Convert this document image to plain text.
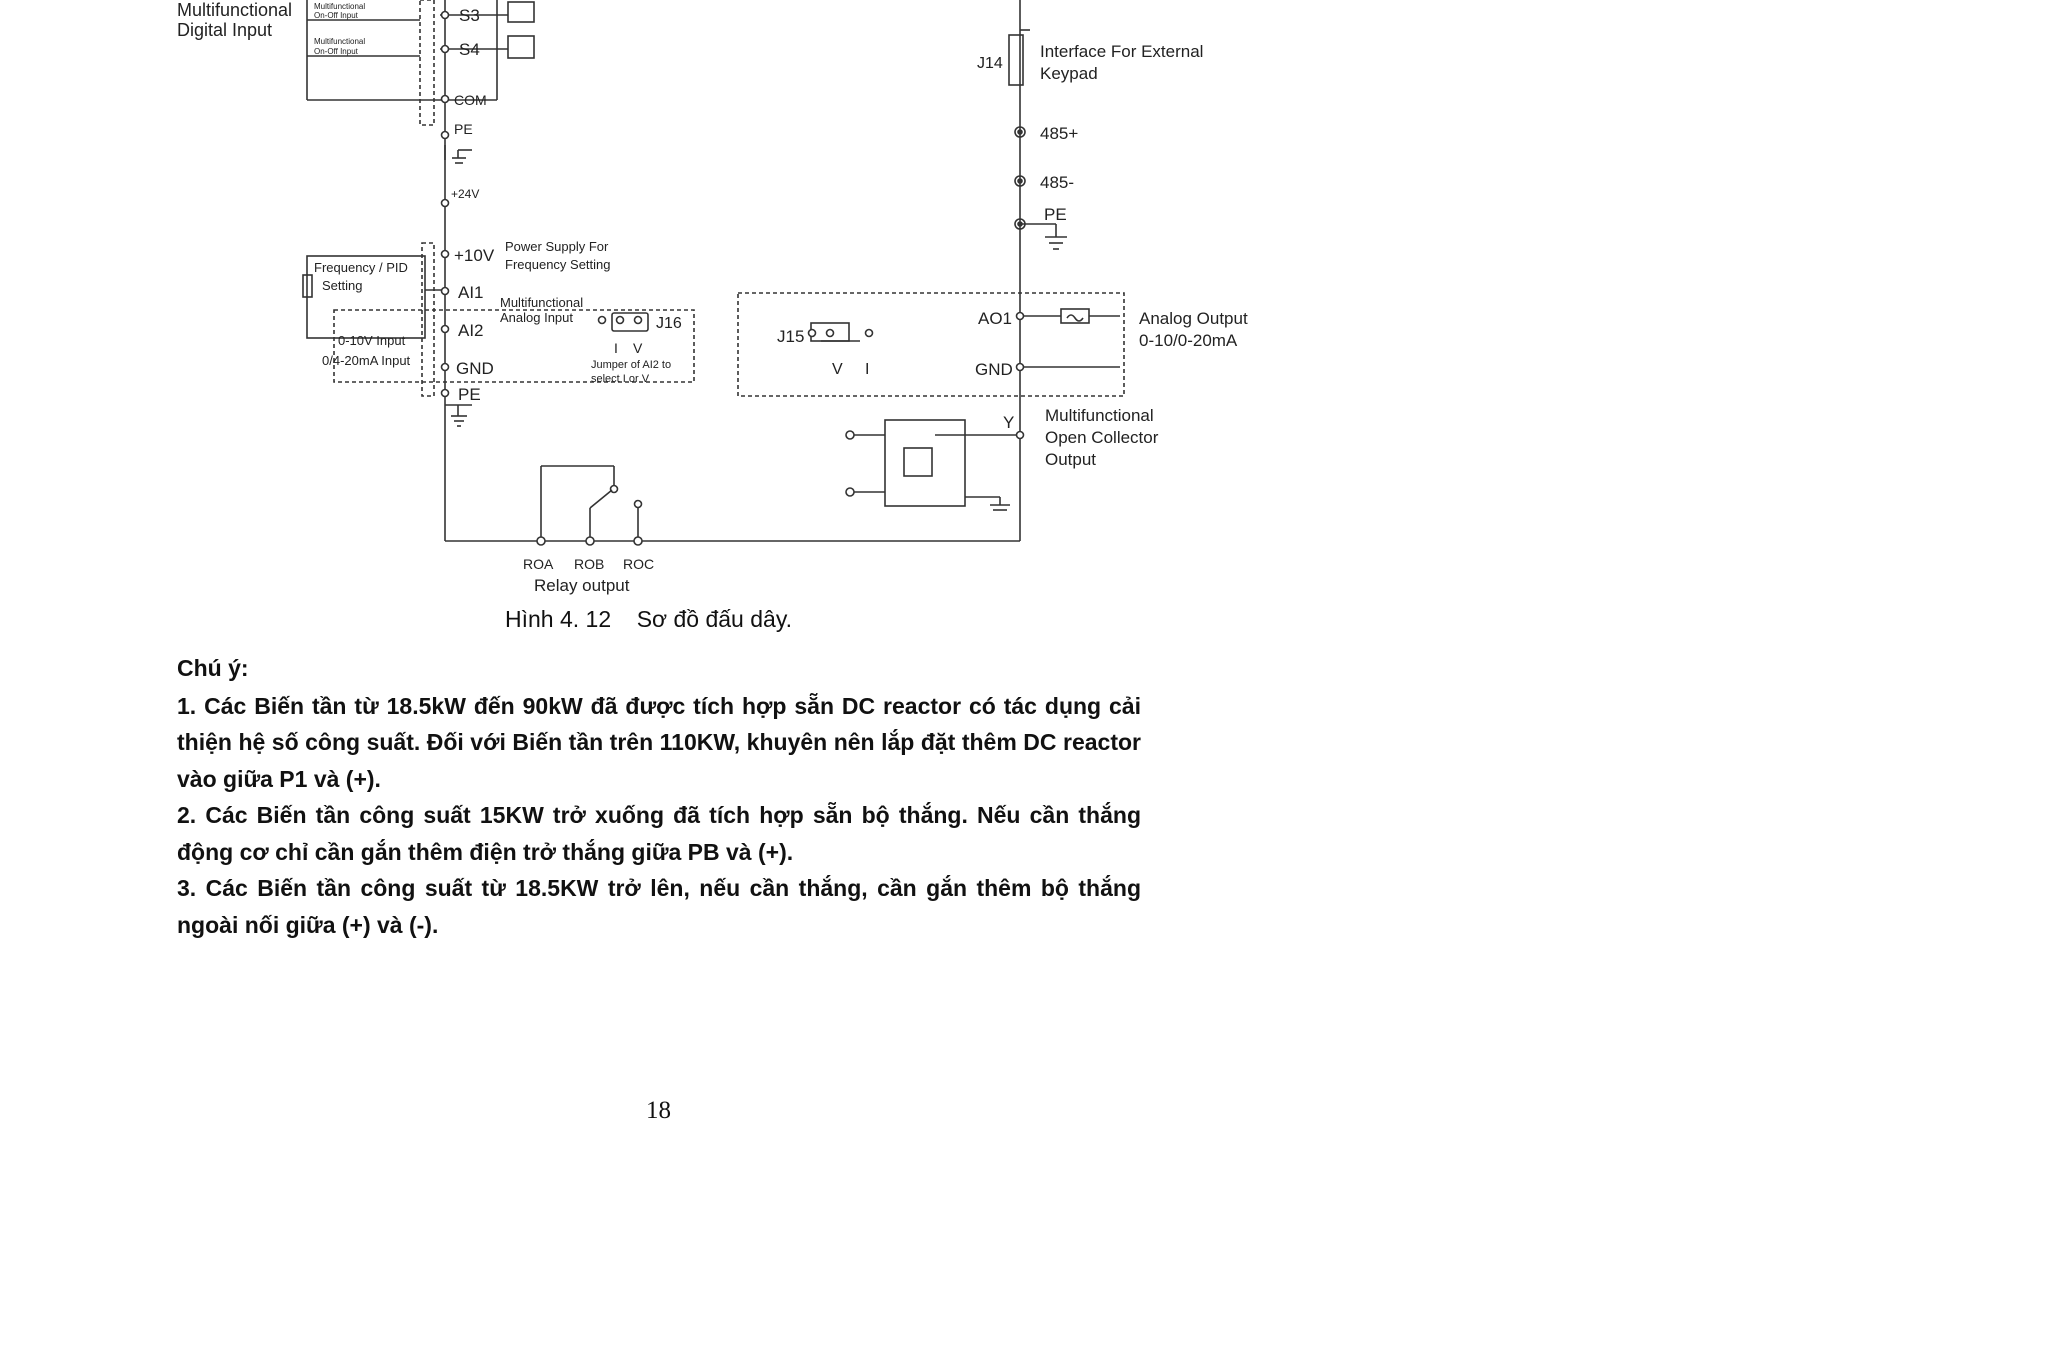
Multifunctional
Digital Input
Multifunctional
On-Off Input
Multifunctional
On-Off Input
S3
S4
COM
PE
+24V
+10V Power Supply For
Frequency Setting
Frequency / PID
Setting	AI1
AI2
GND
PE
0-10V Input
0/4-20mA Input
Multifunctional
Analog Input	J16
I V
Jumper of AI2 to
select I or V
J14
Interface For External
Keypad
485+
485-
PE
J15
V I
AO1
GND
Analog Output
0-10/0-20mA
Y Multifunctional
Open Collector
Output
ROA ROB ROC
Relay output
Hình 4. 12    Sơ đồ đấu dây.

Chú ý:

1. Các Biến tần từ 18.5kW đến 90kW đã được tích hợp sẵn DC reactor có tác dụng cải thiện hệ số công suất. Đối với Biến tần trên 110KW, khuyên nên lắp đặt thêm DC reactor vào giữa P1 và (+).

2. Các Biến tần công suất 15KW trở xuống đã tích hợp sẵn bộ thắng. Nếu cần thắng động cơ chỉ cần gắn thêm điện trở thắng giữa PB và (+).

3. Các Biến tần công suất từ 18.5KW trở lên, nếu cần thắng, cần gắn thêm bộ thắng ngoài nối giữa (+) và (-).

18
